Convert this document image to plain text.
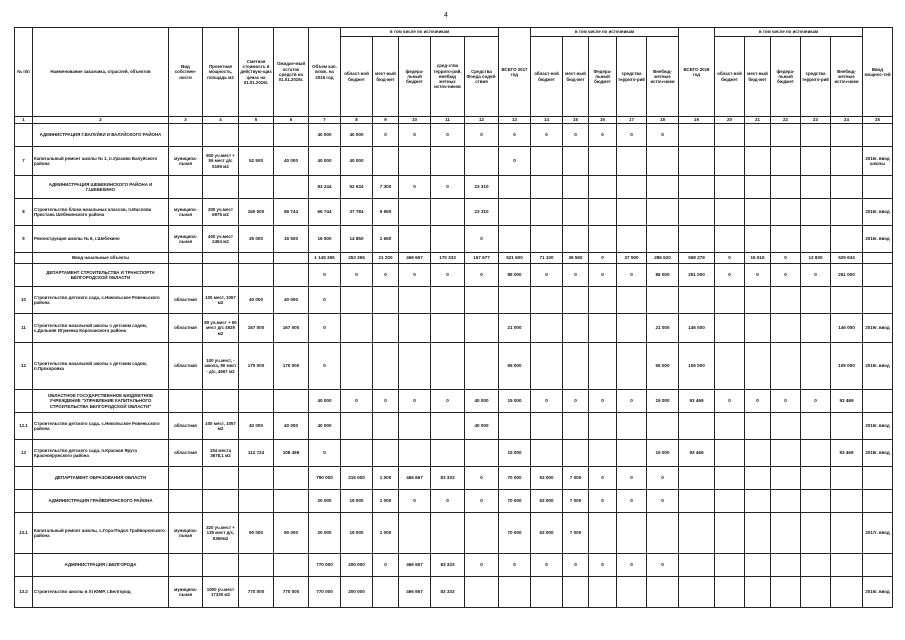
4
№ п/п	Наименование заказчика, отраслей, объектов	Вид собствен-ности	Проектная мощность, площадь м2	Сметная стоимость в действую-щих ценах на 01.01.2016г.	Ожидае-мый остаток средств на 01.01.2016г.	Объем кап. влож. на 2016 год	в том числе по источникам					ВСЕГО 2017 год	в том числе по источникам					ВСЕГО 2018 год	в том числе по источникам					Ввод мощнос-тей
							област-ной бюджет	мест-ный бюд-жет	федера-льный бюджет	сред-ства террито-рий, внебюд жетных источ-ников	Средства Фонда содей-ствия		област-ной бюджет	мест-ный бюд-жет	Федера-льный бюджет	средства террито-рий	Внебюд-жетные источ-ники		област-ной бюджет	мест-ный бюд-жет	федера-льный бюджет	средства террито-рий	Внебюд-жетные источ-ники	
1	2	3	4	5	6	7	8	9	10	11	12	13	14	15	16	17	18	19	20	21	22	23	24	25
	АДМИНИСТРАЦИЯ Г.ВАЛУЙКИ И ВАЛУЙСКОГО РАЙОНА					40 000	40 000	0	0	0	0	0	0	0	0	0	0							
7	Капитальный ремонт школы № 1, п.Уразово Валуйского района	муниципа-льная	500 уч.мест + 55 мест д/с 5199 м2	52 500	40 000	40 000	40 000					0												2016г. ввод школы
	АДМИНИСТРАЦИЯ ШЕБЕКИНСКОГО РАЙОНА И Г.ШЕБЕКИНО					83 244	52 634	7 300	0	0	23 310													
8	Строительство блока начальных классов, п.Маслова Пристань Шебекинского района	муниципа-льная	300 уч.мест 6976 м2	160 000	66 744	66 744	37 784	5 650			23 310													2016г. ввод
9	Реконструкция школы № 6, г.Шебекино	муниципа-льная	400 уч.мест 2494 м2	35 000	16 500	16 500	14 850	1 650			0													2016г. ввод
	Ввод начальные объекты					1 145 365	253 265	21 200	466 667	170 333	167 677	521 600	71 100	36 560	0	27 500	286 620	558 279	0	15 515	0	13 830	525 634	
	ДЕПАРТАМЕНТ СТРОИТЕЛЬСТВА И ТРАНСПОРТА БЕЛГОРОДСКОЙ ОБЛАСТИ					0	0	0	0	0	0	86 000	0	0	0	0	86 000	251 000	0	0	0	0	251 000	
10	Строительство детского сада, с.Никольское Ровеньского района	областная	100 мест, 1057 м2	40 000	40 000	0																		
11	Строительство начальной школы с детским садом, с.Дальняя Игуменка Корочанского района	областная	80 уч.мест + 60 мест д/с 4929 м2	167 000	167 000	0						21 000					21 000	146 000					146 000	2019г. ввод
12	Строительство начальной школы с детским садом, п.Прохоровка	областная	100 уч.мест, - школа, 80 мест - д/с, 4567 м2	170 000	170 000	0						65 000					65 000	105 000					105 000	2019г. ввод
	ОБЛАСТНОЕ ГОСУДАРСТВЕННОЕ БЮДЖЕТНОЕ УЧРЕЖДЕНИЕ "УПРАВЛЕНИЕ КАПИТАЛЬНОГО СТРОИТЕЛЬСТВА БЕЛГОРОДСКОЙ ОБЛАСТИ"					40 000	0	0	0	0	40 000	15 000	0	0	0	0	15 000	93 469	0	0	0	0	93 469	
12.1	Строительство детского сада, с.Никольское Ровеньского района	областная	100 мест, 1057 м2	40 000	40 000	40 000					40 000													2016г. ввод
13	Строительство детского сада, п.Красная Яруга Краснояружского района	областная	154 места 3678,1 м2	112 724	108 469	0						15 000					15 000	93 469					93 469	2018г. ввод
	ДЕПАРТАМЕНТ ОБРАЗОВАНИЯ ОБЛАСТИ					790 000	215 000	1 000	466 667	83 333	0	70 000	63 000	7 000	0	0	0							
	АДМИНИСТРАЦИЯ ГРАЙВОРОНСКОГО РАЙОНА					20 000	19 000	1 000	0	0	0	70 000	63 000	7 000	0	0	0							
13.1	Капитальный ремонт школы, с.Гора-Подол Грайворонского района	муниципа-льная	320 уч.мест + 135 мест д/с, 5360м2	90 000	90 000	20 000	19 000	1 000				70 000	63 000	7 000										2017г. ввод
	АДМИНИСТРАЦИЯ г.БЕЛГОРОДА					770 000	200 000	0	466 667	83 333	0	0	0	0	0	0	0							
13.2	Строительство школы в XI ЮМР, г.Белгород	муниципа-льная	1000 уч.мест 17330 м2	770 000	770 000	770 000	200 000		466 667	83 333														2016г. ввод
